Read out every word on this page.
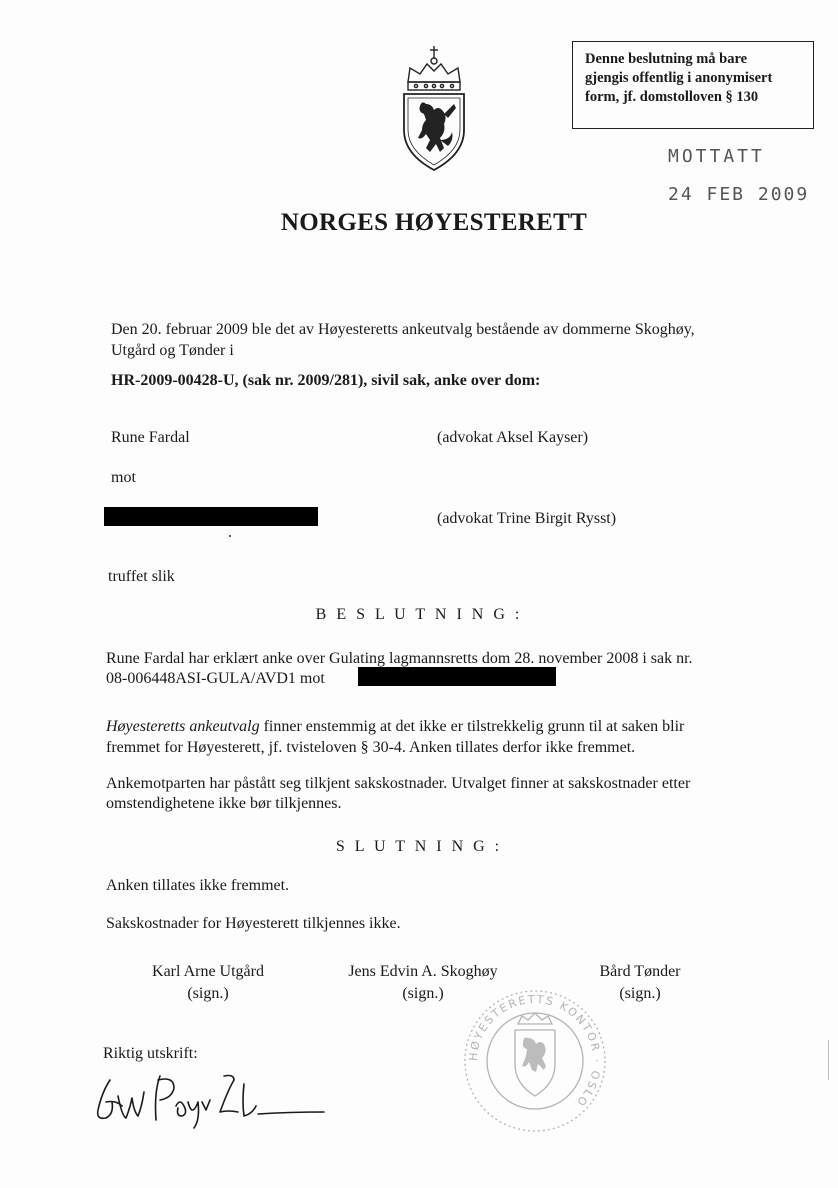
Denne beslutning må bare
gjengis offentlig i anonymisert
form, jf. domstolloven § 130
MOTTATT
24 FEB 2009
NORGES HØYESTERETT
Den 20. februar 2009 ble det av Høyesteretts ankeutvalg bestående av dommerne Skoghøy,
Utgård og Tønder i
HR-2009-00428-U, (sak nr. 2009/281), sivil sak, anke over dom:
Rune Fardal	(advokat Aksel Kayser)
mot
(advokat Trine Birgit Rysst)
truffet slik
B E S L U T N I N G :
Rune Fardal har erklært anke over Gulating lagmannsretts dom 28. november 2008 i sak nr.
08-006448ASI-GULA/AVD1 mot
Høyesteretts ankeutvalg finner enstemmig at det ikke er tilstrekkelig grunn til at saken blir
fremmet for Høyesterett, jf. tvisteloven § 30-4. Anken tillates derfor ikke fremmet.
Ankemotparten har påstått seg tilkjent sakskostnader. Utvalget finner at sakskostnader etter
omstendighetene ikke bør tilkjennes.
S L U T N I N G :
Anken tillates ikke fremmet.
Sakskostnader for Høyesterett tilkjennes ikke.
Karl Arne Utgård
(sign.)
Jens Edvin A. Skoghøy
(sign.)
Bård Tønder
(sign.)
HØYESTERETTS KONTOR · OSLO
Riktig utskrift:
